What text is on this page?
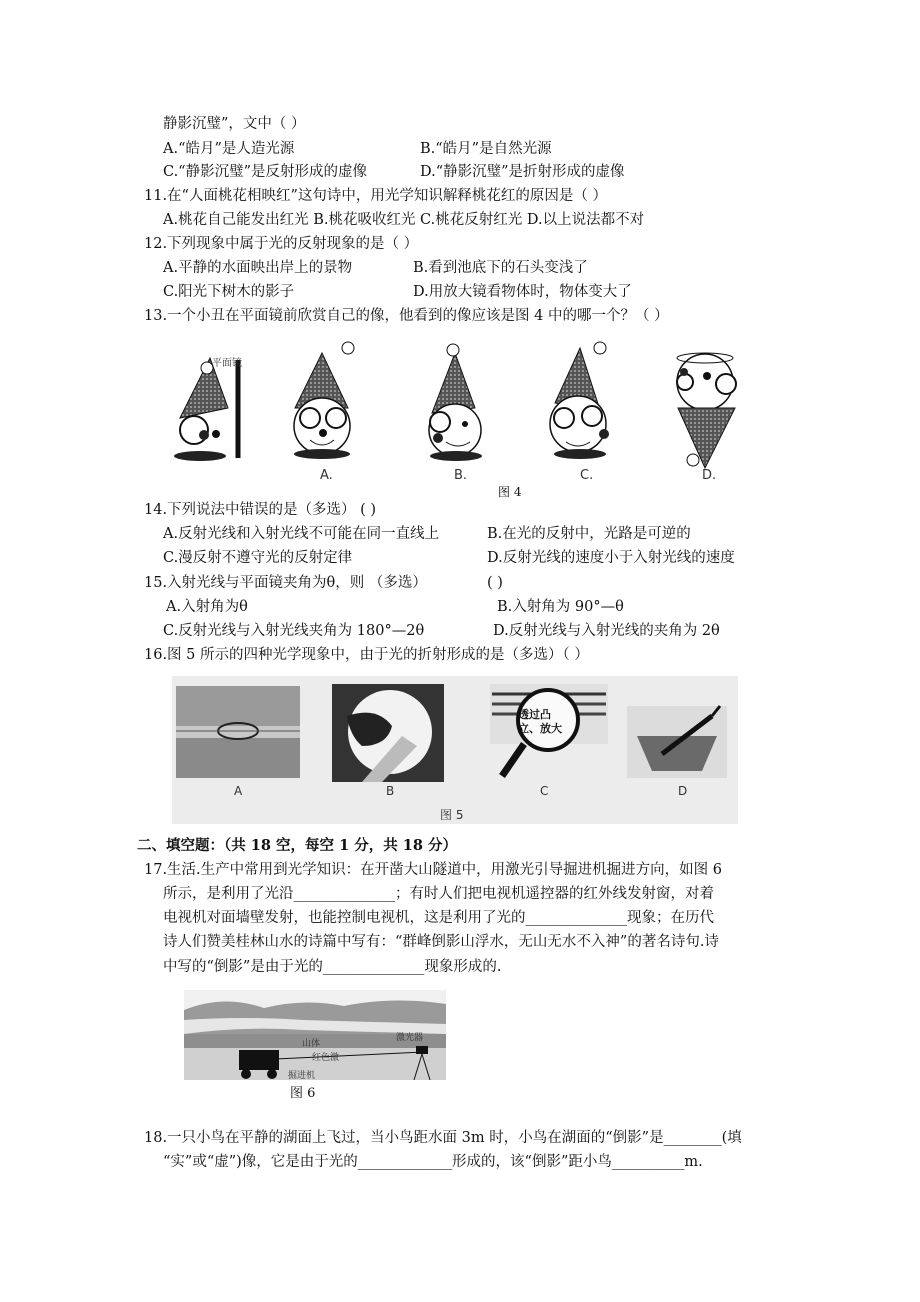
静影沉璧”，文中（ ）
A.“皓月”是人造光源	B.“皓月”是自然光源
C.“静影沉璧”是反射形成的虚像	D.“静影沉璧”是折射形成的虚像
11.在“人面桃花相映红”这句诗中，用光学知识解释桃花红的原因是（ ）
A.桃花自己能发出红光 B.桃花吸收红光 C.桃花反射红光 D.以上说法都不对
12.下列现象中属于光的反射现象的是（ ）
A.平静的水面映出岸上的景物	B.看到池底下的石头变浅了
C.阳光下树木的影子	D.用放大镜看物体时，物体变大了
13.一个小丑在平面镜前欣赏自己的像，他看到的像应该是图 4 中的哪一个？（ ）
平面镜
A.	B.	C.	D.
图 4
14.下列说法中错误的是（多选） ( )
A.反射光线和入射光线不可能在同一直线上	B.在光的反射中，光路是可逆的
C.漫反射不遵守光的反射定律	D.反射光线的速度小于入射光线的速度
15.入射光线与平面镜夹角为θ，则 （多选）	( )
A.入射角为θ	B.入射角为 90°—θ
C.反射光线与入射光线夹角为 180°—2θ	D.反射光线与入射光线的夹角为 2θ
16.图 5 所示的四种光学现象中，由于光的折射形成的是（多选）（ ）
透过凸
立、放大
A	B	C	D
图 5
二、填空题：（共 18 空，每空 1 分，共 18 分）
17.生活.生产中常用到光学知识：在开凿大山隧道中，用激光引导掘进机掘进方向，如图 6
所示，是利用了光沿______________；有时人们把电视机遥控器的红外线发射窗，对着
电视机对面墙壁发射，也能控制电视机，这是利用了光的______________现象；在历代
诗人们赞美桂林山水的诗篇中写有：“群峰倒影山浮水，无山无水不入神”的著名诗句.诗
中写的“倒影”是由于光的______________现象形成的.
山体
激光器
红色激
掘进机
图 6
18.一只小鸟在平静的湖面上飞过，当小鸟距水面 3m 时，小鸟在湖面的“倒影”是________(填
“实”或“虚”)像，它是由于光的_____________形成的，该“倒影”距小鸟__________m.
